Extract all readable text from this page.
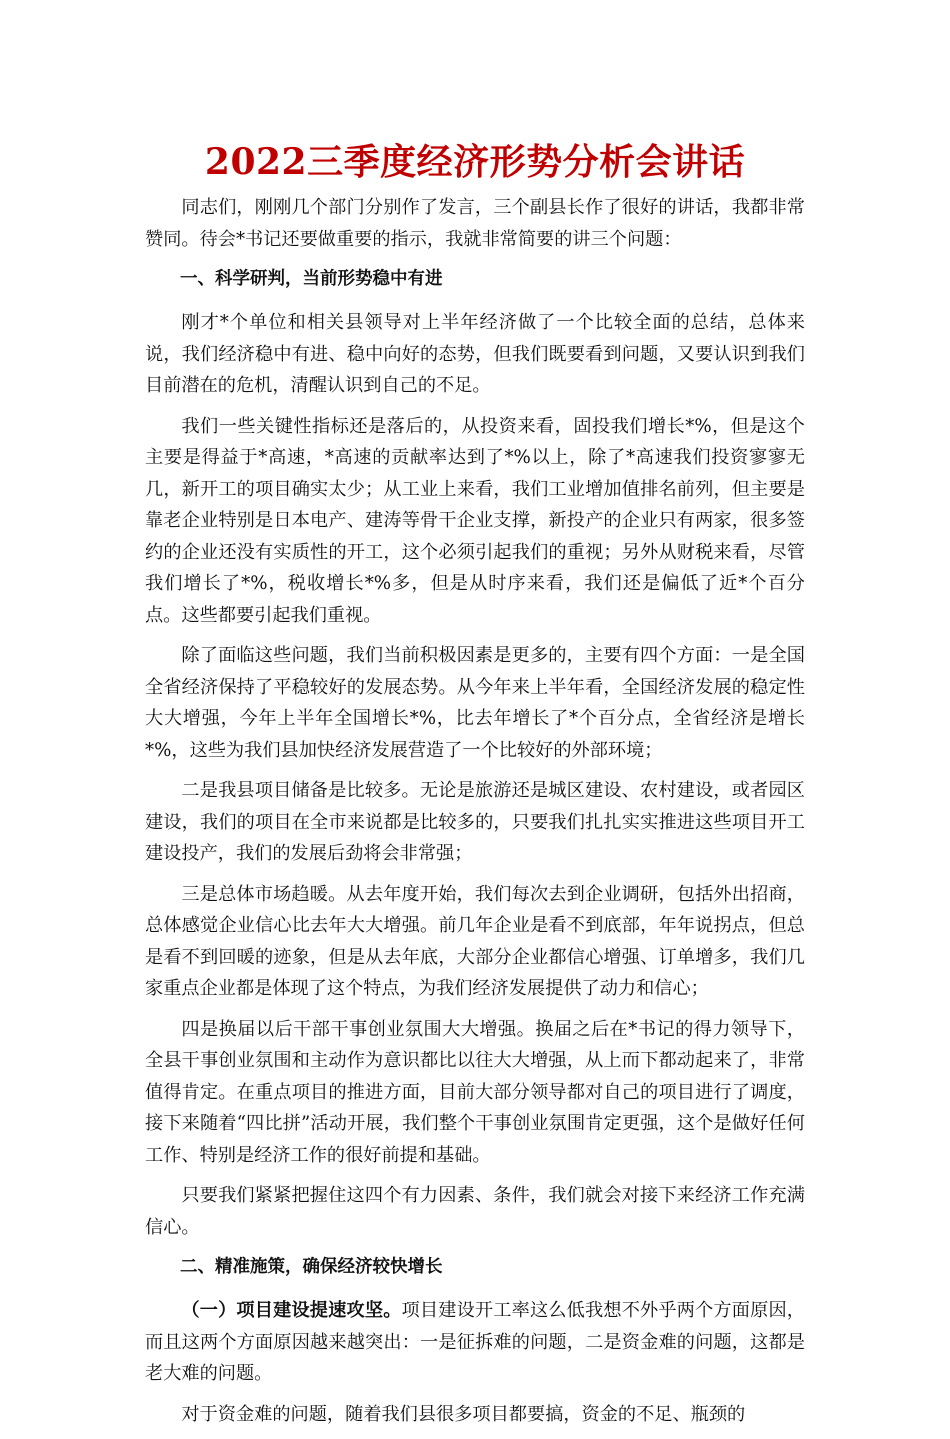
2022三季度经济形势分析会讲话

同志们，刚刚几个部门分别作了发言，三个副县长作了很好的讲话，我都非常赞同。待会*书记还要做重要的指示，我就非常简要的讲三个问题：

一、科学研判，当前形势稳中有进

刚才*个单位和相关县领导对上半年经济做了一个比较全面的总结，总体来说，我们经济稳中有进、稳中向好的态势，但我们既要看到问题，又要认识到我们目前潜在的危机，清醒认识到自己的不足。

我们一些关键性指标还是落后的，从投资来看，固投我们增长*%，但是这个主要是得益于*高速，*高速的贡献率达到了*%以上，除了*高速我们投资寥寥无几，新开工的项目确实太少；从工业上来看，我们工业增加值排名前列，但主要是靠老企业特别是日本电产、建涛等骨干企业支撑，新投产的企业只有两家，很多签约的企业还没有实质性的开工，这个必须引起我们的重视；另外从财税来看，尽管我们增长了*%，税收增长*%多，但是从时序来看，我们还是偏低了近*个百分点。这些都要引起我们重视。

除了面临这些问题，我们当前积极因素是更多的，主要有四个方面：一是全国全省经济保持了平稳较好的发展态势。从今年来上半年看，全国经济发展的稳定性大大增强，今年上半年全国增长*%，比去年增长了*个百分点，全省经济是增长*%，这些为我们县加快经济发展营造了一个比较好的外部环境；

二是我县项目储备是比较多。无论是旅游还是城区建设、农村建设，或者园区建设，我们的项目在全市来说都是比较多的，只要我们扎扎实实推进这些项目开工建设投产，我们的发展后劲将会非常强；

三是总体市场趋暖。从去年度开始，我们每次去到企业调研，包括外出招商，总体感觉企业信心比去年大大增强。前几年企业是看不到底部，年年说拐点，但总是看不到回暖的迹象，但是从去年底，大部分企业都信心增强、订单增多，我们几家重点企业都是体现了这个特点，为我们经济发展提供了动力和信心；

四是换届以后干部干事创业氛围大大增强。换届之后在*书记的得力领导下，全县干事创业氛围和主动作为意识都比以往大大增强，从上而下都动起来了，非常值得肯定。在重点项目的推进方面，目前大部分领导都对自己的项目进行了调度，接下来随着“四比拼”活动开展，我们整个干事创业氛围肯定更强，这个是做好任何工作、特别是经济工作的很好前提和基础。

只要我们紧紧把握住这四个有力因素、条件，我们就会对接下来经济工作充满信心。

二、精准施策，确保经济较快增长

（一）项目建设提速攻坚。项目建设开工率这么低我想不外乎两个方面原因，而且这两个方面原因越来越突出：一是征拆难的问题，二是资金难的问题，这都是老大难的问题。

对于资金难的问题，随着我们县很多项目都要搞，资金的不足、瓶颈的
